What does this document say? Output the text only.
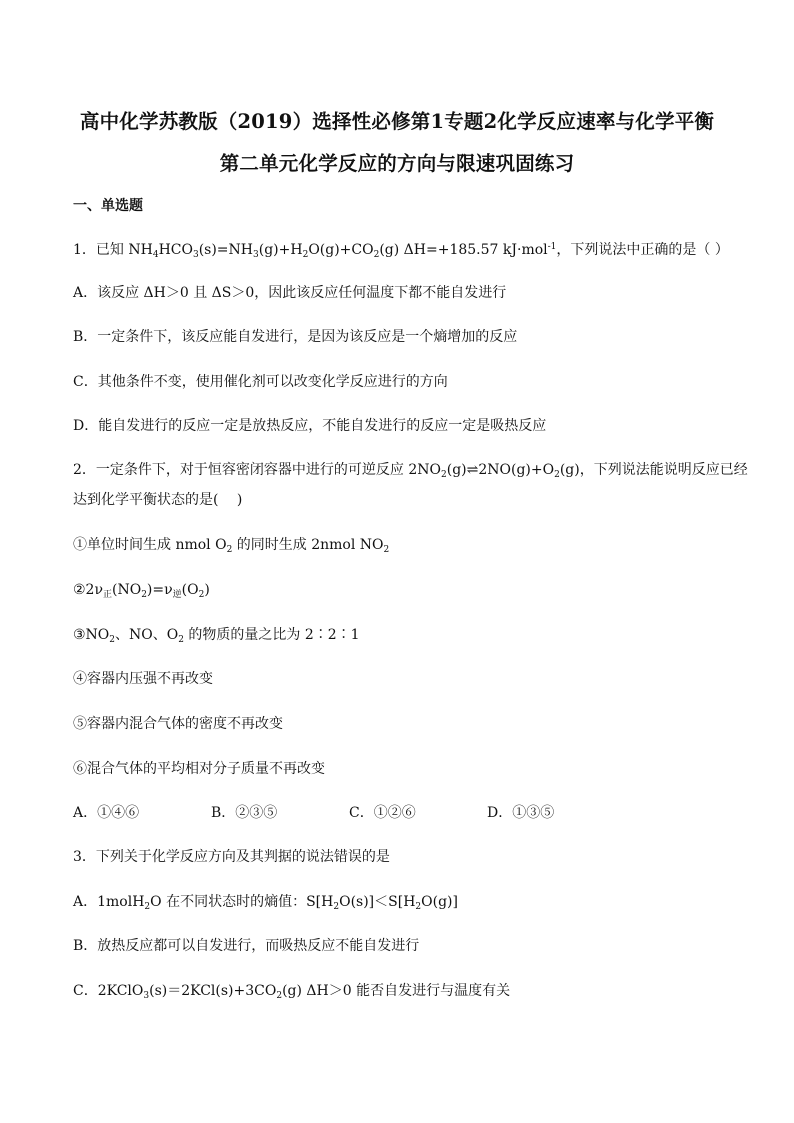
高中化学苏教版（2019）选择性必修第1专题2化学反应速率与化学平衡
第二单元化学反应的方向与限速巩固练习
一、单选题
1．已知 $NH_4HCO_3(s)=NH_3(g)+H_2O(g)+CO_2(g)$ ΔH=+185.57 kJ·mol$^{-1}$，下列说法中正确的是（ ）
A．该反应 ΔH＞0 且 ΔS＞0，因此该反应任何温度下都不能自发进行
B．一定条件下，该反应能自发进行，是因为该反应是一个熵增加的反应
C．其他条件不变，使用催化剂可以改变化学反应进行的方向
D．能自发进行的反应一定是放热反应，不能自发进行的反应一定是吸热反应
2．一定条件下，对于恒容密闭容器中进行的可逆反应 $2NO_2(g)\rightleftharpoons 2NO(g)+O_2(g)$，下列说法能说明反应已经
达到化学平衡状态的是(　 )
①单位时间生成 nmol $O_2$ 的同时生成 2nmol $NO_2$
$②2\nu_正(NO_2)=\nu_逆(O_2)$
$③NO_2$、NO、$O_2$ 的物质的量之比为 2∶2∶1
④容器内压强不再改变
⑤容器内混合气体的密度不再改变
⑥混合气体的平均相对分子质量不再改变
A．①④⑥	B．②③⑤	C．①②⑥	D．①③⑤
3．下列关于化学反应方向及其判据的说法错误的是
A．1molH$_2$O 在不同状态时的熵值：$S[H_2O(s)]<S[H_2O(g)]$
B．放热反应都可以自发进行，而吸热反应不能自发进行
C．$2KClO_3(s)=2KCl(s)+3CO_2(g)$ ΔH＞0 能否自发进行与温度有关
